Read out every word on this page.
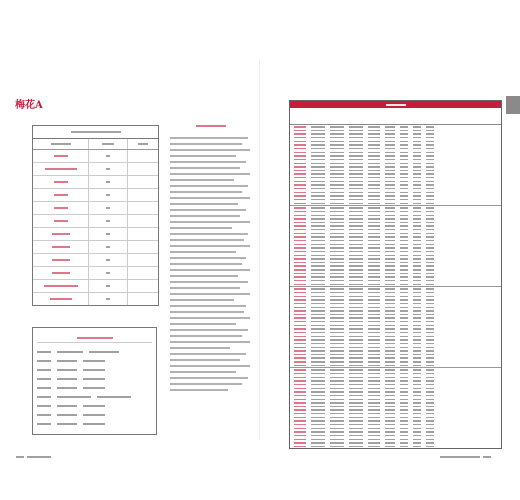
梅花A
